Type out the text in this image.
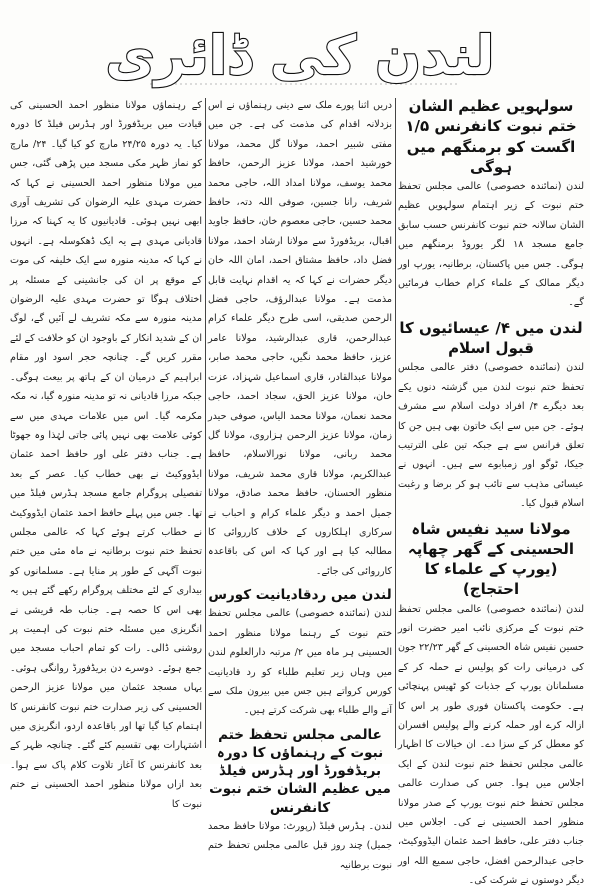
لندن کی ڈائری
سولہویں عظیم الشان ختم نبوت کانفرنس ۱/۵ اگست کو برمنگھم میں ہوگی
لندن (نمائندہ خصوصی) عالمی مجلس تحفظ ختم نبوت کے زیر اہتمام سولہویں عظیم الشان سالانہ ختم نبوت کانفرنس حسب سابق جامع مسجد ۱۸ لگر یوروڈ برمنگھم میں ہوگی۔ جس میں پاکستان، برطانیہ، یورپ اور دیگر ممالک کے علماء کرام خطاب فرمائیں گے۔
لندن میں ۴/ عیسائیوں کا قبول اسلام
لندن (نمائندہ خصوصی) دفتر عالمی مجلس تحفظ ختم نبوت لندن میں گزشتہ دنوں یکے بعد دیگرے ۴/ افراد دولت اسلام سے مشرف ہوئے۔ جن میں سے ایک خاتون بھی ہیں جن کا تعلق فرانس سے ہے جبکہ تین علی الترتیب جیکا، ٹوگو اور زمبابوے سے ہیں۔ انہوں نے عیسائی مذہب سے تائب ہو کر برضا و رغبت اسلام قبول کیا۔
مولانا سید نفیس شاہ الحسینی کے گھر چھاپہ (یورپ کے علماء کا احتجاج)
لندن (نمائندہ خصوصی) عالمی مجلس تحفظ ختم نبوت کے مرکزی نائب امیر حضرت انور حسین نفیس شاہ الحسینی کے گھر ۲۲/۲۳ جون کی درمیانی رات کو پولیس نے حملہ کر کے مسلمانان یورپ کے جذبات کو ٹھیس پہنچائی ہے۔ حکومت پاکستان فوری طور پر اس کا ازالہ کرے اور حملہ کرنے والے پولیس افسران کو معطل کر کے سزا دے۔ ان خیالات کا اظہار عالمی مجلس تحفظ ختم نبوت لندن کے ایک اجلاس میں ہوا۔ جس کی صدارت عالمی مجلس تحفظ ختم نبوت یورپ کے صدر مولانا منظور احمد الحسینی نے کی۔ اجلاس میں جناب دفتر علی، حافظ احمد عثمان الیڈووکیٹ، حاجی عبدالرحمن افضل، حاجی سمیع اللہ اور دیگر دوستوں نے شرکت کی۔
دریں اثنا پورے ملک سے دینی رہنماؤں نے اس بزدلانہ اقدام کی مذمت کی ہے۔ جن میں مفتی شبیر احمد، مولانا گل محمد، مولانا خورشید احمد، مولانا عزیز الرحمن، حافظ محمد یوسف، مولانا امداد اللہ، حاجی محمد شریف، رانا جسین، صوفی اللہ دتہ، حافظ محمد حسین، حاجی معصوم خان، حافظ جاوید اقبال، بریڈفورڈ سے مولانا ارشاد احمد، مولانا فضل داد، حافظ مشتاق احمد، امان اللہ خان دیگر حضرات نے کہا کہ یہ اقدام نہایت قابل مذمت ہے۔ مولانا عبدالرؤف، حاجی فضل الرحمن صدیقی، اسی طرح دیگر علماء کرام عبدالرحمن، قاری عبدالرشید، مولانا عامر عزیز، حافظ محمد نگیں، حاجی محمد صابر، مولانا عبدالقادر، قاری اسماعیل شہزاد، عزت خان، مولانا عزیز الحق، سجاد احمد، حاجی محمد نعمان، مولانا محمد الیاس، صوفی حیدر زمان، مولانا عزیز الرحمن ہزاروی، مولانا گل محمد ربانی، مولانا نورالاسلام، حافظ عبدالکریم، مولانا قاری محمد شریف، مولانا منظور الحسنان، حافظ محمد صادق، مولانا جمیل احمد و دیگر علماء کرام و احباب نے سرکاری اہلکاروں کے خلاف کارروائی کا مطالبہ کیا ہے اور کہا کہ اس کی باقاعدہ کارروائی کی جائے۔
لندن میں ردقادیانیت کورس
لندن (نمائندہ خصوصی) عالمی مجلس تحفظ ختم نبوت کے رہنما مولانا منظور احمد الحسینی ہر ماہ میں ۲/ مرتبہ دارالعلوم لندن میں وہاں زیر تعلیم طلباء کو رد قادیانیت کورس کرواتے ہیں جس میں بیرون ملک سے آنے والے طلباء بھی شرکت کرتے ہیں۔
عالمی مجلس تحفظ ختم نبوت کے رہنماؤں کا دورہ بریڈفورڈ اور ہڈرس فیلڈ میں عظیم الشان ختم نبوت کانفرنس
لندن۔ ہڈرس فیلڈ (رپورٹ: مولانا حافظ محمد جمیل) چند روز قبل عالمی مجلس تحفظ ختم نبوت برطانیہ
کے رہنماؤں مولانا منظور احمد الحسینی کی قیادت میں بریڈفورڈ اور ہڈرس فیلڈ کا دورہ کیا۔ یہ دورہ ۲۴/۲۵ مارچ کو کیا گیا۔ ۲۴/ مارچ کو نماز ظہر مکی مسجد میں پڑھی گئی، جس میں مولانا منظور احمد الحسینی نے کہا کہ حضرت مہدی علیہ الرضوان کی تشریف آوری ابھی نہیں ہوئی۔ قادیانیوں کا یہ کہنا کہ مرزا قادیانی مہدی ہے یہ ایک ڈھکوسلہ ہے۔ انہوں نے کہا کہ مدینہ منورہ سے ایک خلیفہ کی موت کے موقع پر ان کی جانشینی کے مسئلہ پر اختلاف ہوگا تو حضرت مہدی علیہ الرضوان مدینہ منورہ سے مکہ تشریف لے آئیں گے، لوگ ان کے شدید انکار کے باوجود ان کو خلافت کے لئے مقرر کریں گے۔ چنانچہ حجر اسود اور مقام ابراہیم کے درمیان ان کے ہاتھ پر بیعت ہوگی۔ جبکہ مرزا قادیانی نہ تو مدینہ منورہ گیا، نہ مکہ مکرمہ گیا۔ اس میں علامات مہدی میں سے کوئی علامت بھی نہیں پائی جاتی لہٰذا وہ جھوٹا ہے۔ جناب دفتر علی اور حافظ احمد عثمان ایڈووکیٹ نے بھی خطاب کیا۔ عصر کے بعد تفصیلی پروگرام جامع مسجد ہڈرس فیلڈ میں تھا۔ جس میں پہلے حافظ احمد عثمان ایڈووکیٹ نے خطاب کرتے ہوئے کہا کہ عالمی مجلس تحفظ ختم نبوت برطانیہ نے ماہ مئی میں ختم نبوت آگہی کے طور پر منایا ہے۔ مسلمانوں کو بیداری کے لئے مختلف پروگرام رکھے گئے ہیں یہ بھی اس کا حصہ ہے۔ جناب طہ قریشی نے انگریزی میں مسئلہ ختم نبوت کی اہمیت پر روشنی ڈالی۔ رات کو تمام احباب مسجد میں جمع ہوئے۔ دوسرے دن بریڈفورڈ روانگی ہوئی۔ یہاں مسجد عثمان میں مولانا عزیز الرحمن الحسینی کی زیر صدارت ختم نبوت کانفرنس کا اہتمام کیا گیا تھا اور باقاعدہ اردو، انگریزی میں اشتہارات بھی تقسیم کئے گئے۔ چنانچہ ظہر کے بعد کانفرنس کا آغاز تلاوت کلام پاک سے ہوا۔ بعد ازاں مولانا منظور احمد الحسینی نے ختم نبوت کا
